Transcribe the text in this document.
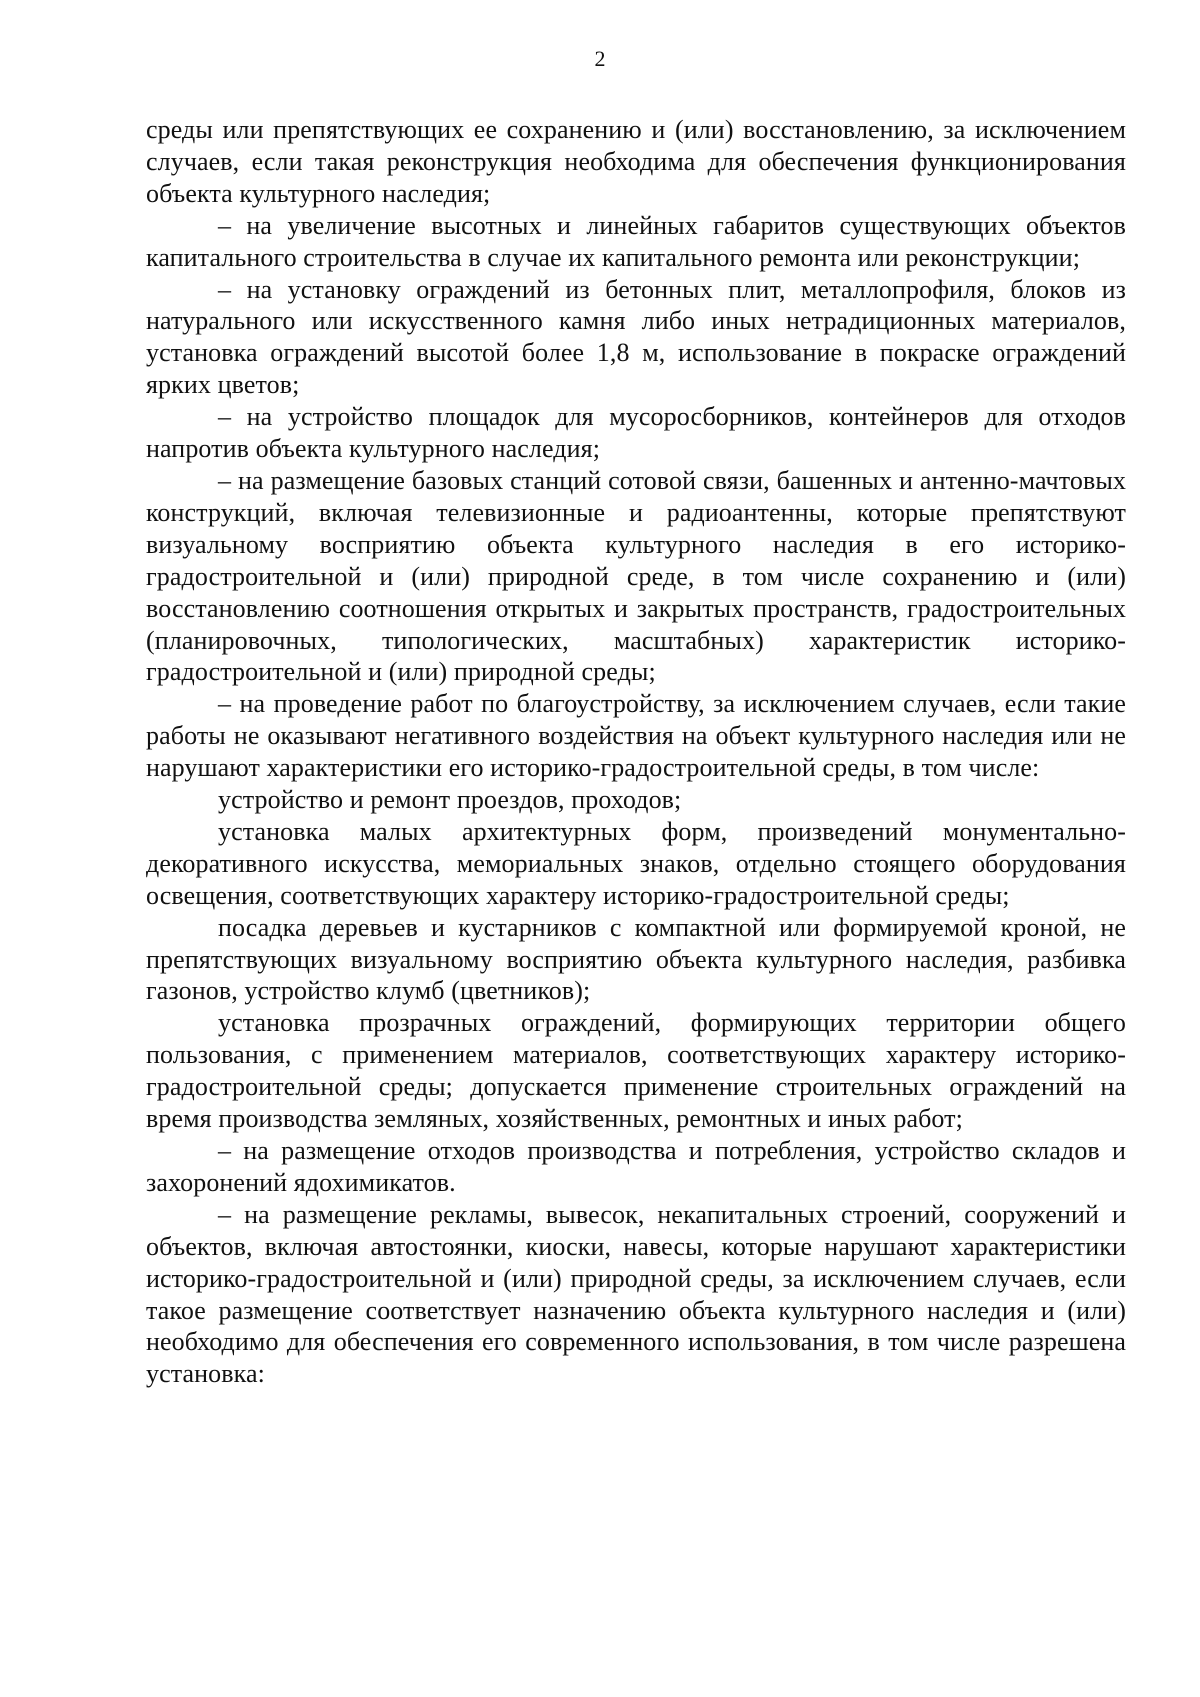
2

среды или препятствующих ее сохранению и (или) восстановлению, за исключением случаев, если такая реконструкция необходима для обеспечения функционирования объекта культурного наследия;

– на увеличение высотных и линейных габаритов существующих объектов капитального строительства в случае их капитального ремонта или реконструкции;

– на установку ограждений из бетонных плит, металлопрофиля, блоков из натурального или искусственного камня либо иных нетрадиционных материалов, установка ограждений высотой более 1,8 м, использование в покраске ограждений ярких цветов;

– на устройство площадок для мусоросборников, контейнеров для отходов напротив объекта культурного наследия;

– на размещение базовых станций сотовой связи, башенных и антенно-мачтовых конструкций, включая телевизионные и радиоантенны, которые препятствуют визуальному восприятию объекта культурного наследия в его историко-градостроительной и (или) природной среде, в том числе сохранению и (или) восстановлению соотношения открытых и закрытых пространств, градостроительных (планировочных, типологических, масштабных) характеристик историко-градостроительной и (или) природной среды;

– на проведение работ по благоустройству, за исключением случаев, если такие работы не оказывают негативного воздействия на объект культурного наследия или не нарушают характеристики его историко-градостроительной среды, в том числе:

устройство и ремонт проездов, проходов;

установка малых архитектурных форм, произведений монументально-декоративного искусства, мемориальных знаков, отдельно стоящего оборудования освещения, соответствующих характеру историко-градостроительной среды;

посадка деревьев и кустарников с компактной или формируемой кроной, не препятствующих визуальному восприятию объекта культурного наследия, разбивка газонов, устройство клумб (цветников);

установка прозрачных ограждений, формирующих территории общего пользования, с применением материалов, соответствующих характеру историко-градостроительной среды; допускается применение строительных ограждений на время производства земляных, хозяйственных, ремонтных и иных работ;

– на размещение отходов производства и потребления, устройство складов и захоронений ядохимикатов.

– на размещение рекламы, вывесок, некапитальных строений, сооружений и объектов, включая автостоянки, киоски, навесы, которые нарушают характеристики историко-градостроительной и (или) природной среды, за исключением случаев, если такое размещение соответствует назначению объекта культурного наследия и (или) необходимо для обеспечения его современного использования, в том числе разрешена установка:
